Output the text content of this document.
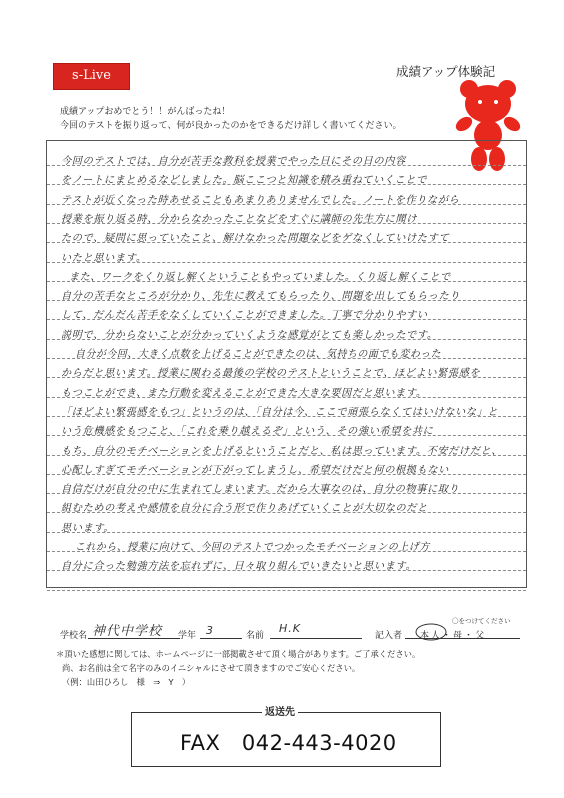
s-Live	成績アップ体験記
成績アップおめでとう！！がんばったね！
今回のテストを振り返って、何が良かったのかをできるだけ詳しく書いてください。
今回のテストでは、自分が苦手な教科を授業でやった日にその日の内容
をノートにまとめるなどしました。脳ここつと知識を積み重ねていくことで
テストが近くなった時あせることもあまりありませんでした。ノートを作りながら
授業を振り返る時、分からなかったことなどをすぐに講師の先生方に聞け
たので、疑問に思っていたこと、解けなかった問題などをゲなくしていけたすて
いたと思います。
また、ワークをくり返し解くということもやっていました。くり返し解くことで
自分の苦手なところが分かり、先生に教えてもらったり、問題を出してもらったり
して、だんだん苦手をなくしていくことができました。丁寧で分かりやすい
説明で、分からないことが分かっていくような感覚がとても楽しかったです。
自分が今回、大きく点数を上げることができたのは、気持ちの面でも変わった
からだと思います。授業に関わる最後の学校のテストということで、ほどよい緊張感を
もつことができ、また行動を変えることができた大きな要因だと思います。
「ほどよい緊張感をもつ」というのは、「自分は今、ここで頑張らなくてはいけないな」と
いう危機感をもつこと、「これを乗り越えるぞ」という、その強い希望を共に
もち、自分のモチベーションを上げるということだと、私は思っています。不安だけだと、
心配しすぎてモチベーションが下がってしまうし、希望だけだと何の根拠もない
自信だけが自分の中に生まれてしまいます。だから大事なのは、自分の物事に取り
組むための考えや感情を自分に合う形で作りあげていくことが大切なのだと
思います。
これから、授業に向けて、今回のテストでつかったモチベーションの上げ方
自分に合った勉強方法を忘れずに、日々取り組んでいきたいと思います。
学校名 神代中学校 学年 3	名前
H.K
〇をつけてください
記入者 本人・母・父
＊頂いた感想に関しては、ホームページに一部掲載させて頂く場合があります。ご了承ください。
尚、お名前は全て名字のみのイニシャルにさせて頂きますのでご安心ください。
（例：山田ひろし　様　⇒　Y　）
返送先
FAX　042-443-4020
